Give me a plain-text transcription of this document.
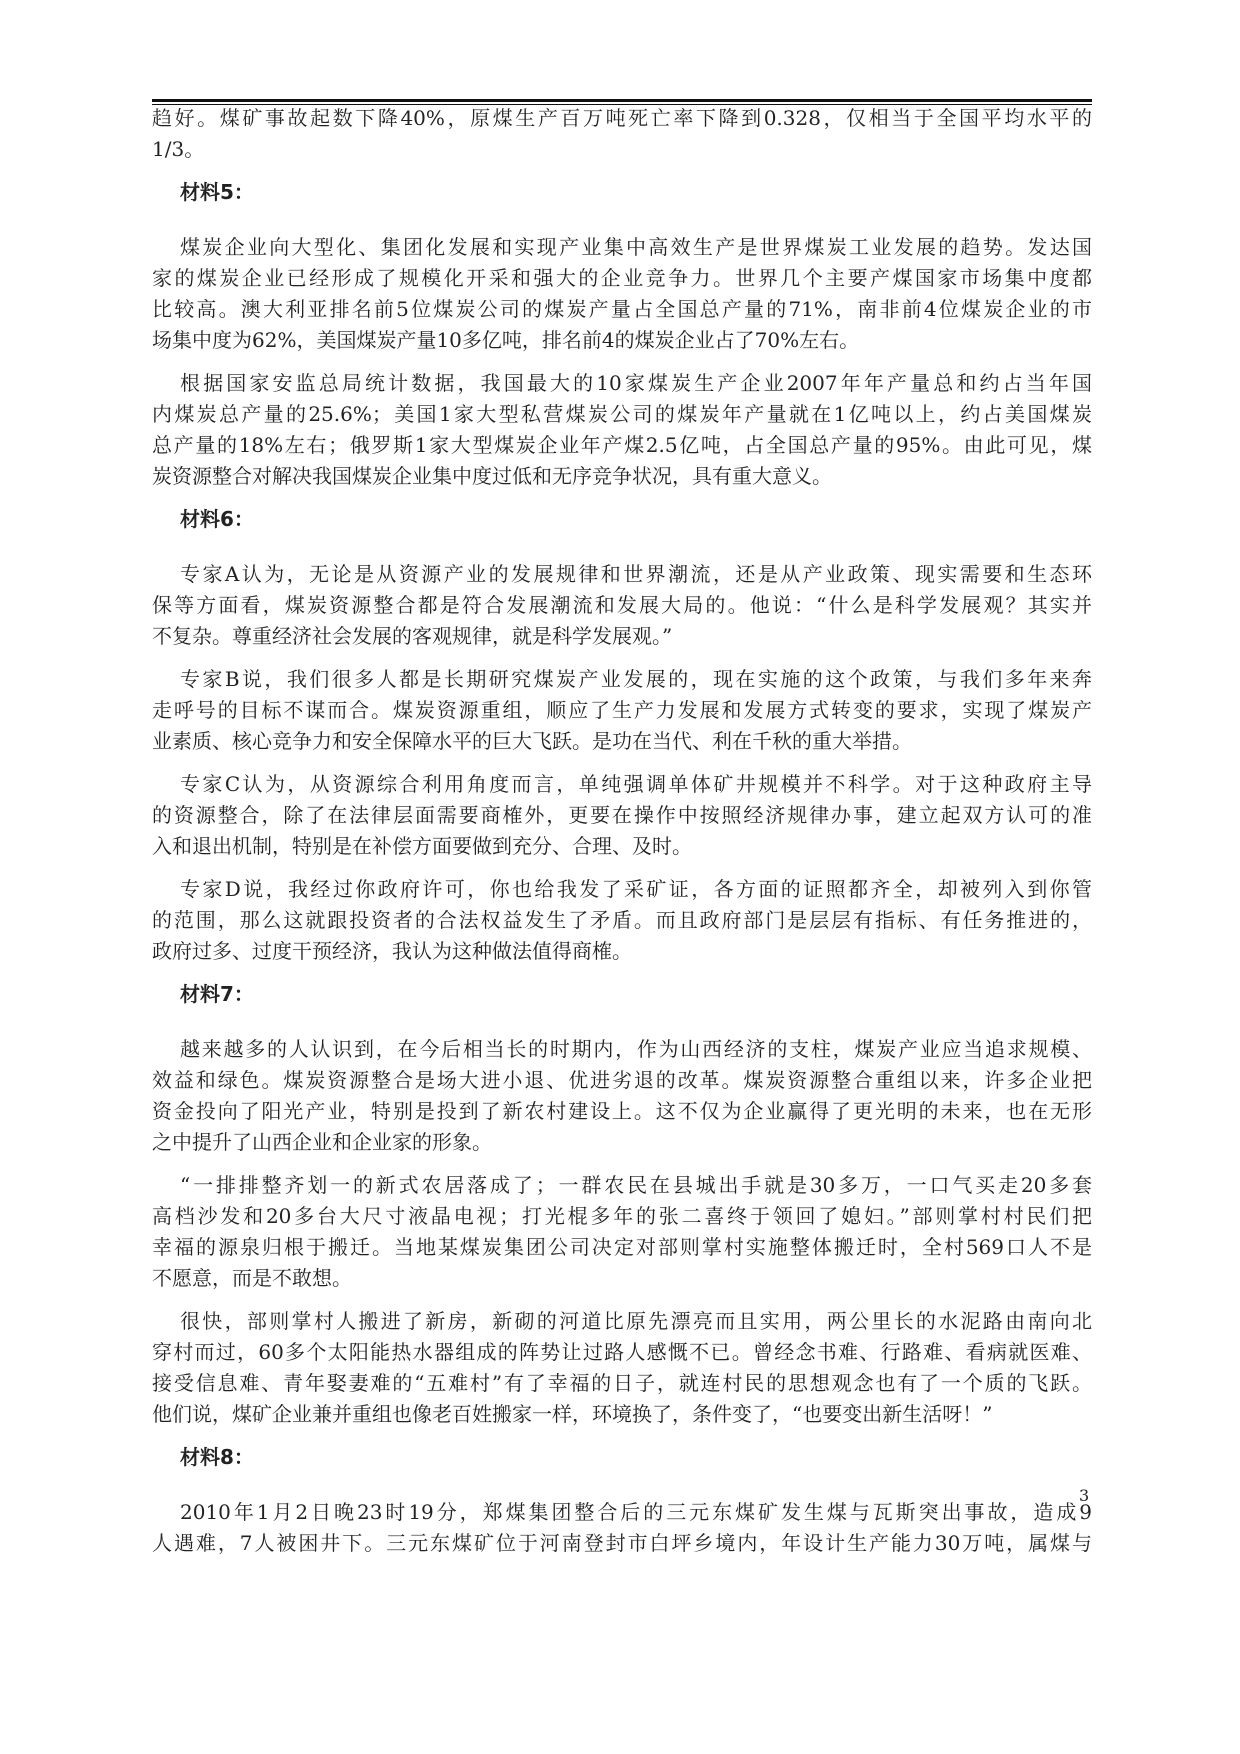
趋好。煤矿事故起数下降40%，原煤生产百万吨死亡率下降到0.328，仅相当于全国平均水平的
1/3。
材料5：
煤炭企业向大型化、集团化发展和实现产业集中高效生产是世界煤炭工业发展的趋势。发达国
家的煤炭企业已经形成了规模化开采和强大的企业竞争力。世界几个主要产煤国家市场集中度都
比较高。澳大利亚排名前5位煤炭公司的煤炭产量占全国总产量的71%，南非前4位煤炭企业的市
场集中度为62%，美国煤炭产量10多亿吨，排名前4的煤炭企业占了70%左右。
根据国家安监总局统计数据，我国最大的10家煤炭生产企业2007年年产量总和约占当年国
内煤炭总产量的25.6%；美国1家大型私营煤炭公司的煤炭年产量就在1亿吨以上，约占美国煤炭
总产量的18%左右；俄罗斯1家大型煤炭企业年产煤2.5亿吨，占全国总产量的95%。由此可见，煤
炭资源整合对解决我国煤炭企业集中度过低和无序竞争状况，具有重大意义。
材料6：
专家A认为，无论是从资源产业的发展规律和世界潮流，还是从产业政策、现实需要和生态环
保等方面看，煤炭资源整合都是符合发展潮流和发展大局的。他说：“什么是科学发展观？其实并
不复杂。尊重经济社会发展的客观规律，就是科学发展观。”
专家B说，我们很多人都是长期研究煤炭产业发展的，现在实施的这个政策，与我们多年来奔
走呼号的目标不谋而合。煤炭资源重组，顺应了生产力发展和发展方式转变的要求，实现了煤炭产
业素质、核心竞争力和安全保障水平的巨大飞跃。是功在当代、利在千秋的重大举措。
专家C认为，从资源综合利用角度而言，单纯强调单体矿井规模并不科学。对于这种政府主导
的资源整合，除了在法律层面需要商榷外，更要在操作中按照经济规律办事，建立起双方认可的准
入和退出机制，特别是在补偿方面要做到充分、合理、及时。
专家D说，我经过你政府许可，你也给我发了采矿证，各方面的证照都齐全，却被列入到你管
的范围，那么这就跟投资者的合法权益发生了矛盾。而且政府部门是层层有指标、有任务推进的，
政府过多、过度干预经济，我认为这种做法值得商榷。
材料7：
越来越多的人认识到，在今后相当长的时期内，作为山西经济的支柱，煤炭产业应当追求规模、
效益和绿色。煤炭资源整合是场大进小退、优进劣退的改革。煤炭资源整合重组以来，许多企业把
资金投向了阳光产业，特别是投到了新农村建设上。这不仅为企业赢得了更光明的未来，也在无形
之中提升了山西企业和企业家的形象。
“一排排整齐划一的新式农居落成了；一群农民在县城出手就是30多万，一口气买走20多套
高档沙发和20多台大尺寸液晶电视；打光棍多年的张二喜终于领回了媳妇。”部则掌村村民们把
幸福的源泉归根于搬迁。当地某煤炭集团公司决定对部则掌村实施整体搬迁时，全村569口人不是
不愿意，而是不敢想。
很快，部则掌村人搬进了新房，新砌的河道比原先漂亮而且实用，两公里长的水泥路由南向北
穿村而过，60多个太阳能热水器组成的阵势让过路人感慨不已。曾经念书难、行路难、看病就医难、
接受信息难、青年娶妻难的“五难村”有了幸福的日子，就连村民的思想观念也有了一个质的飞跃。
他们说，煤矿企业兼并重组也像老百姓搬家一样，环境换了，条件变了，“也要变出新生活呀！”
材料8：
2010年1月2日晚23时19分，郑煤集团整合后的三元东煤矿发生煤与瓦斯突出事故，造成9
人遇难，7人被困井下。三元东煤矿位于河南登封市白坪乡境内，年设计生产能力30万吨，属煤与
3
